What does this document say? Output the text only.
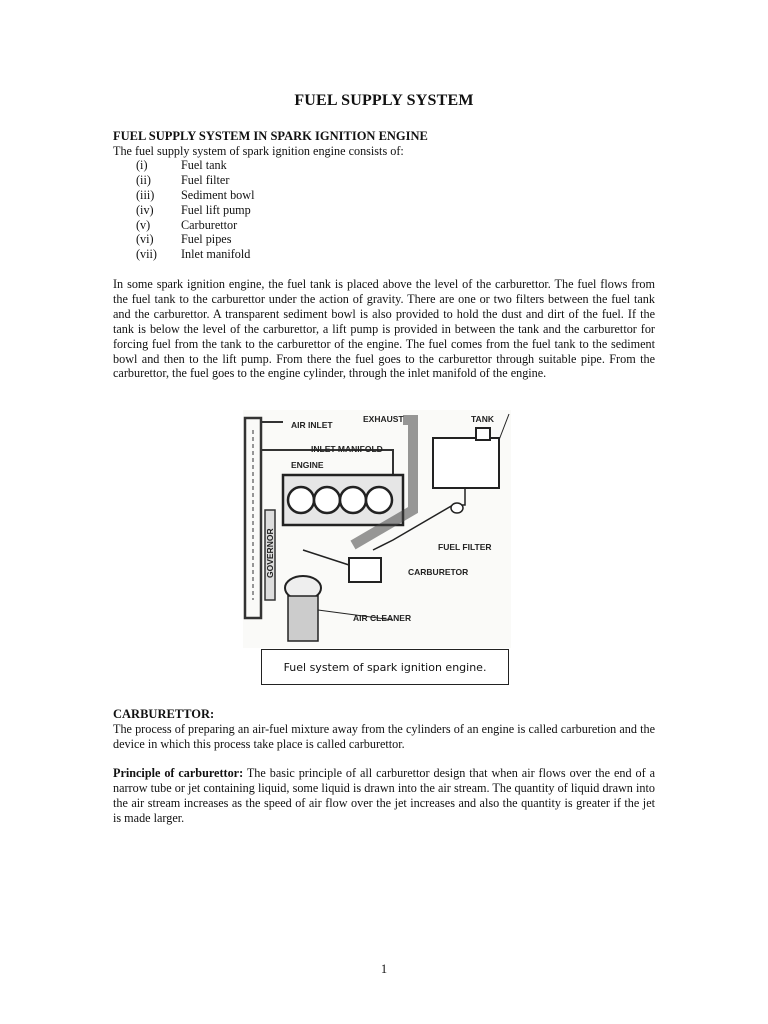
FUEL SUPPLY SYSTEM
FUEL SUPPLY SYSTEM IN SPARK IGNITION ENGINE

The fuel supply system of spark ignition engine consists of:

(i)	Fuel tank
(ii)	Fuel filter
(iii)	Sediment bowl
(iv)	Fuel lift pump
(v)	Carburettor
(vi)	Fuel pipes
(vii)	Inlet manifold

In some spark ignition engine, the fuel tank is placed above the level of the carburettor. The fuel flows from the fuel tank to the carburettor under the action of gravity. There are one or two filters between the fuel tank and the carburettor. A transparent sediment bowl is also provided to hold the dust and dirt of the fuel. If the tank is below the level of the carburettor, a lift pump is provided in between the tank and the carburettor for forcing fuel from the tank to the carburettor of the engine. The fuel comes from the fuel tank to the sediment bowl and then to the lift pump. From there the fuel goes to the carburettor through suitable pipe. From the carburettor, the fuel goes to the engine cylinder, through the inlet manifold of the engine.

AIR INLET
EXHAUST	TANK
INLET MANIFOLD
ENGINE
GOVERNOR	FUEL FILTER
CARBURETOR
AIR CLEANER
Fuel system of spark ignition engine.
CARBURETTOR:

The process of preparing an air-fuel mixture away from the cylinders of an engine is called carburetion and the device in which this process take place is called carburettor.

Principle of carburettor: The basic principle of all carburettor design that when air flows over the end of a narrow tube or jet containing liquid, some liquid is drawn into the air stream. The quantity of liquid drawn into the air stream increases as the speed of air flow over the jet increases and also the quantity is greater if the jet is made larger.

1
